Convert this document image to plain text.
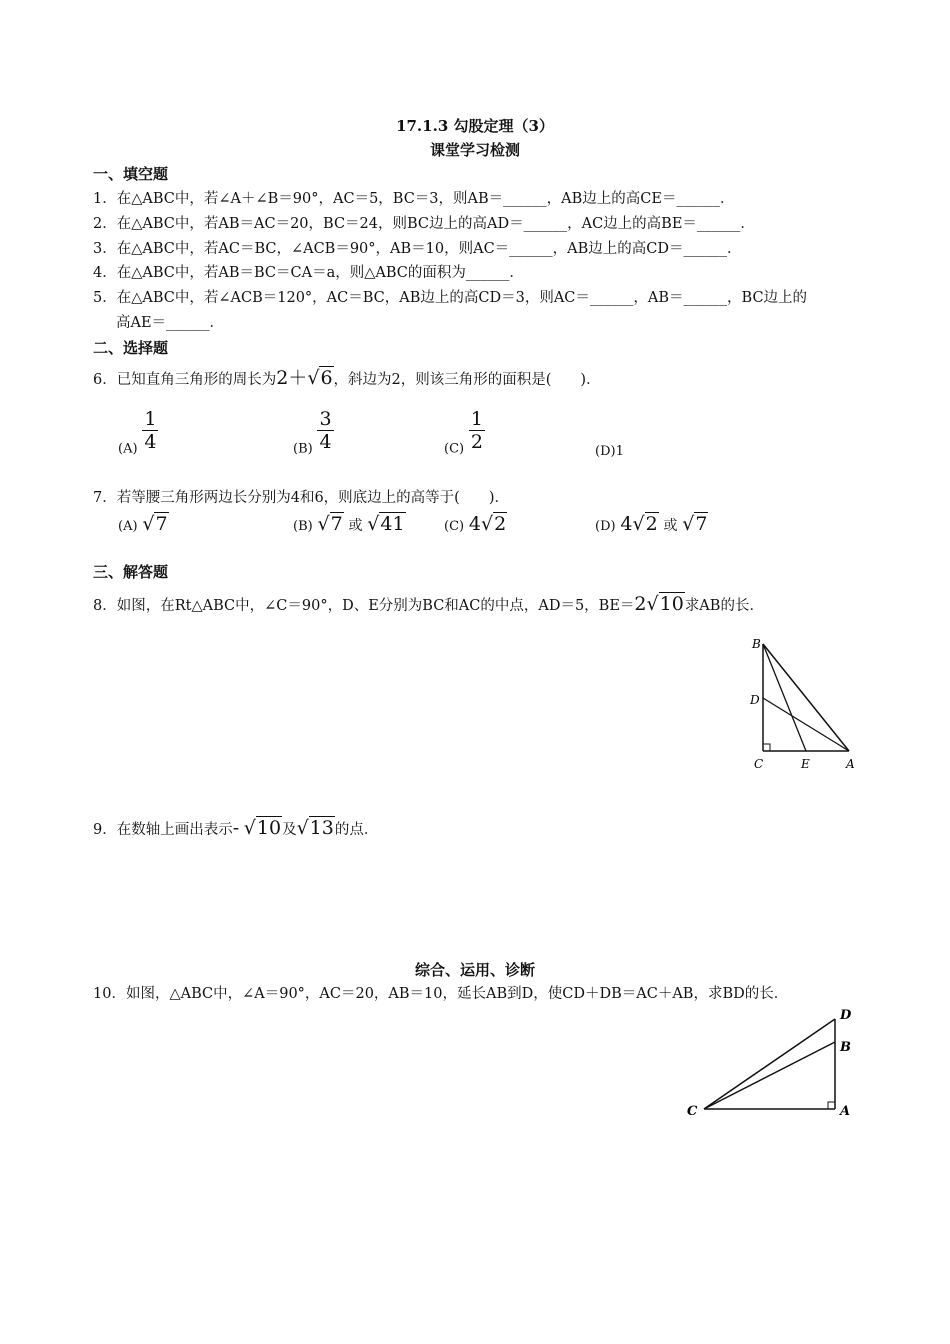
17.1.3 勾股定理（3）
课堂学习检测
一、填空题
1．在△ABC中，若∠A＋∠B＝90°，AC＝5，BC＝3，则AB＝______，AB边上的高CE＝______．
2．在△ABC中，若AB＝AC＝20，BC＝24，则BC边上的高AD＝______，AC边上的高BE＝______．
3．在△ABC中，若AC＝BC，∠ACB＝90°，AB＝10，则AC＝______，AB边上的高CD＝______．
4．在△ABC中，若AB＝BC＝CA＝a，则△ABC的面积为______．
5．在△ABC中，若∠ACB＝120°，AC＝BC，AB边上的高CD＝3，则AC＝______，AB＝______，BC边上的
高AE＝______．
二、选择题
6．已知直角三角形的周长为2＋√6，斜边为2，则该三角形的面积是(　　)．
$(A) \frac{1}{4}$	$(B) \frac{3}{4}$	$(C) \frac{1}{2}$	(D)1
7．若等腰三角形两边长分别为4和6，则底边上的高等于(　　)．
(A) √7	(B) √7 或 √41	(C) 4√2	(D) 4√2 或 √7
三、解答题
8．如图，在Rt△ABC中，∠C＝90°，D、E分别为BC和AC的中点，AD＝5，BE＝2√10求AB的长．
B
D
C	E	A
9．在数轴上画出表示- √10及√13的点．
综合、运用、诊断
10．如图，△ABC中，∠A＝90°，AC＝20，AB＝10，延长AB到D，使CD＋DB＝AC＋AB，求BD的长．
D
B
C	A
